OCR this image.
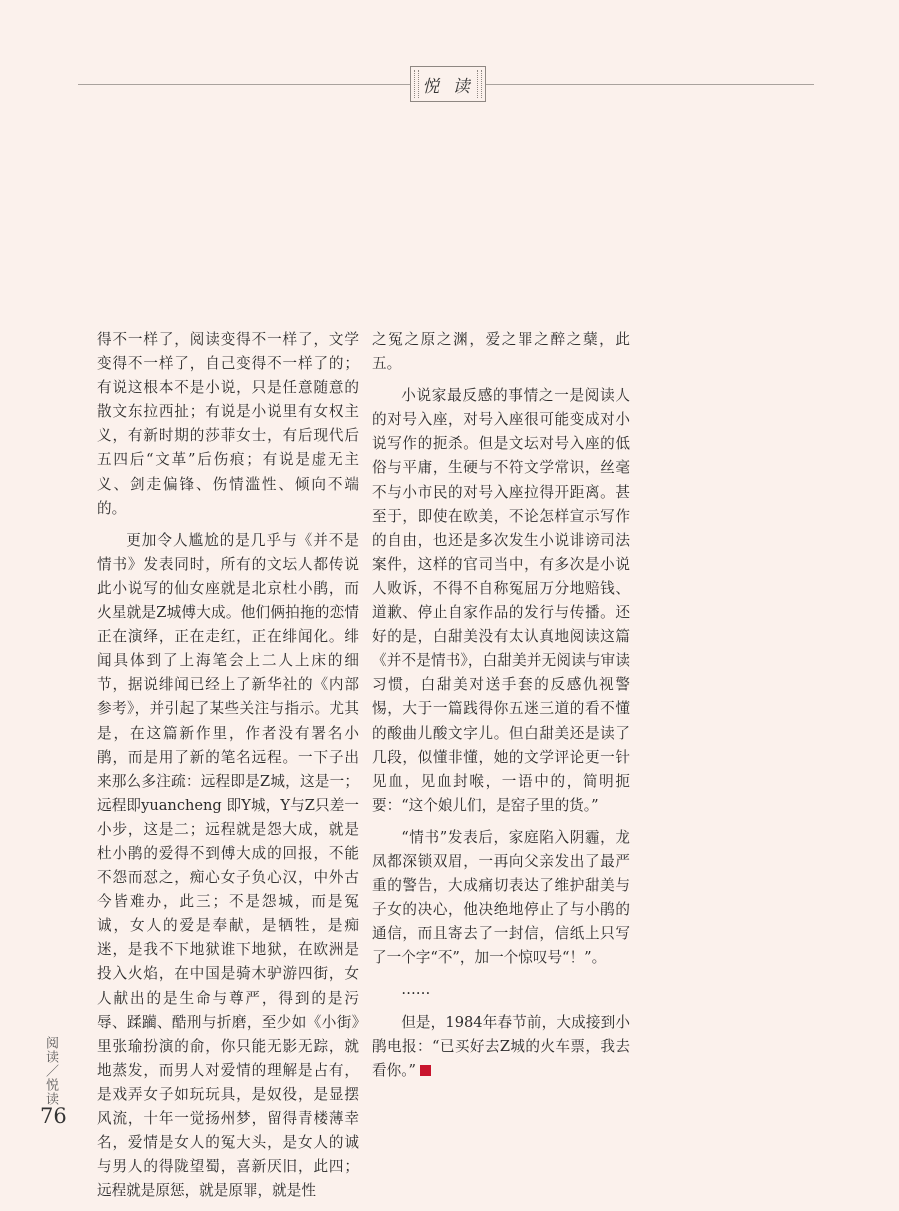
悦 读

得不一样了，阅读变得不一样了，文学变得不一样了，自己变得不一样了的；有说这根本不是小说，只是任意随意的散文东拉西扯；有说是小说里有女权主义，有新时期的莎菲女士，有后现代后五四后“文革”后伤痕；有说是虚无主义、剑走偏锋、伤情滥性、倾向不端的。

更加令人尴尬的是几乎与《并不是情书》发表同时，所有的文坛人都传说此小说写的仙女座就是北京杜小鹃，而火星就是Z城傅大成。他们俩拍拖的恋情正在演绎，正在走红，正在绯闻化。绯闻具体到了上海笔会上二人上床的细节，据说绯闻已经上了新华社的《内部参考》，并引起了某些关注与指示。尤其是，在这篇新作里，作者没有署名小鹃，而是用了新的笔名远程。一下子出来那么多注疏：远程即是Z城，这是一；远程即yuancheng 即Y城，Y与Z只差一小步，这是二；远程就是怨大成，就是杜小鹃的爱得不到傅大成的回报，不能不怨而怼之，痴心女子负心汉，中外古今皆难办，此三；不是怨城，而是冤诚，女人的爱是奉献，是牺牲，是痴迷，是我不下地狱谁下地狱，在欧洲是投入火焰，在中国是骑木驴游四街，女人献出的是生命与尊严，得到的是污辱、蹂躏、酷刑与折磨，至少如《小街》里张瑜扮演的俞，你只能无影无踪，就地蒸发，而男人对爱情的理解是占有，是戏弄女子如玩玩具，是奴役，是显摆风流，十年一觉扬州梦，留得青楼薄幸名，爱情是女人的冤大头，是女人的诚与男人的得陇望蜀，喜新厌旧，此四；远程就是原惩，就是原罪，就是性

之冤之原之渊，爱之罪之醉之蘖，此五。

小说家最反感的事情之一是阅读人的对号入座，对号入座很可能变成对小说写作的扼杀。但是文坛对号入座的低俗与平庸，生硬与不符文学常识，丝毫不与小市民的对号入座拉得开距离。甚至于，即使在欧美，不论怎样宣示写作的自由，也还是多次发生小说诽谤司法案件，这样的官司当中，有多次是小说人败诉，不得不自称冤屈万分地赔钱、道歉、停止自家作品的发行与传播。还好的是，白甜美没有太认真地阅读这篇《并不是情书》，白甜美并无阅读与审读习惯，白甜美对送手套的反感仇视警惕，大于一篇践得你五迷三道的看不懂的酸曲儿酸文字儿。但白甜美还是读了几段，似懂非懂，她的文学评论更一针见血，见血封喉，一语中的，简明扼要：“这个娘儿们，是窑子里的货。”

“情书”发表后，家庭陷入阴霾，龙凤都深锁双眉，一再向父亲发出了最严重的警告，大成痛切表达了维护甜美与子女的决心，他决绝地停止了与小鹃的通信，而且寄去了一封信，信纸上只写了一个字“不”，加一个惊叹号“！”。

……

但是，1984年春节前，大成接到小鹃电报：“已买好去Z城的火车票，我去看你。”

阅读／悦读
76
